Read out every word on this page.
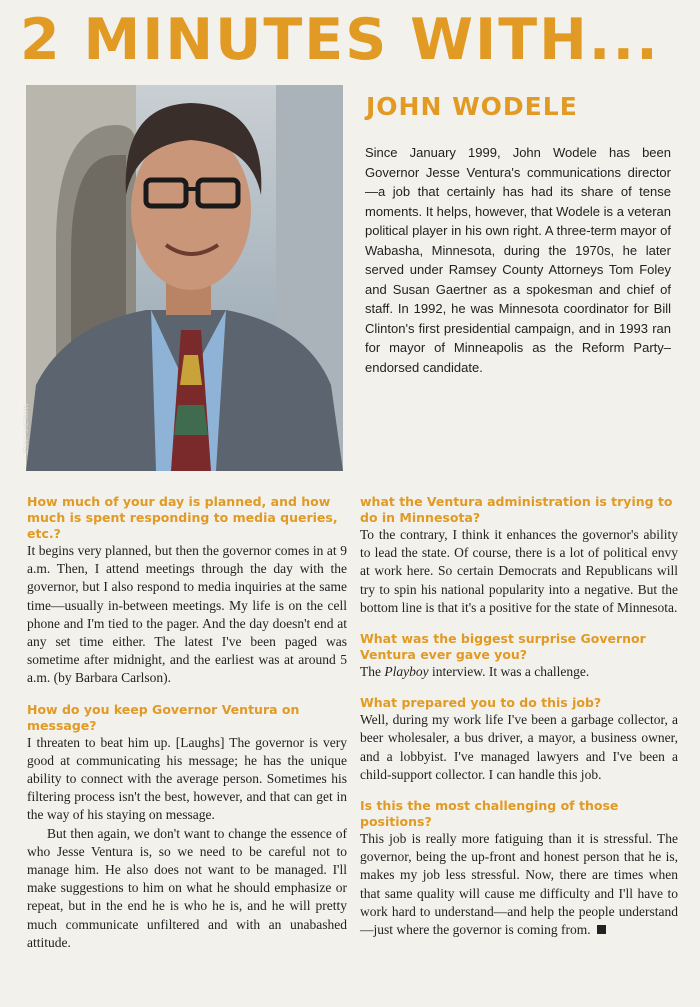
2 MINUTES WITH...
JENNY SHERMAN
JOHN WODELE
Since January 1999, John Wodele has been Governor Jesse Ventura's communications director—a job that certainly has had its share of tense moments. It helps, however, that Wodele is a veteran political player in his own right. A three-term mayor of Wabasha, Minnesota, during the 1970s, he later served under Ramsey County Attorneys Tom Foley and Susan Gaertner as a spokesman and chief of staff. In 1992, he was Minnesota coordinator for Bill Clinton's first presidential campaign, and in 1993 ran for mayor of Minneapolis as the Reform Party–endorsed candidate.

How much of your day is planned, and how much is spent responding to media queries, etc.?

It begins very planned, but then the governor comes in at 9 a.m. Then, I attend meetings through the day with the governor, but I also respond to media inquiries at the same time—usually in-between meetings. My life is on the cell phone and I'm tied to the pager. And the day doesn't end at any set time either. The latest I've been paged was sometime after midnight, and the earliest was at around 5 a.m. (by Barbara Carlson).

How do you keep Governor Ventura on message?

I threaten to beat him up. [Laughs] The governor is very good at communicating his message; he has the unique ability to connect with the average person. Sometimes his filtering process isn't the best, however, and that can get in the way of his staying on message.

But then again, we don't want to change the essence of who Jesse Ventura is, so we need to be careful not to manage him. He also does not want to be managed. I'll make suggestions to him on what he should emphasize or repeat, but in the end he is who he is, and he will pretty much communicate unfiltered and with an unabashed attitude.

what the Ventura administration is trying to do in Minnesota?

To the contrary, I think it enhances the governor's ability to lead the state. Of course, there is a lot of political envy at work here. So certain Democrats and Republicans will try to spin his national popularity into a negative. But the bottom line is that it's a positive for the state of Minnesota.

What was the biggest surprise Governor Ventura ever gave you?

The Playboy interview. It was a challenge.

What prepared you to do this job?

Well, during my work life I've been a garbage collector, a beer wholesaler, a bus driver, a mayor, a business owner, and a lobbyist. I've managed lawyers and I've been a child-support collector. I can handle this job.

Is this the most challenging of those positions?

This job is really more fatiguing than it is stressful. The governor, being the up-front and honest person that he is, makes my job less stressful. Now, there are times when that same quality will cause me difficulty and I'll have to work hard to understand—and help the people understand—just where the governor is coming from.
